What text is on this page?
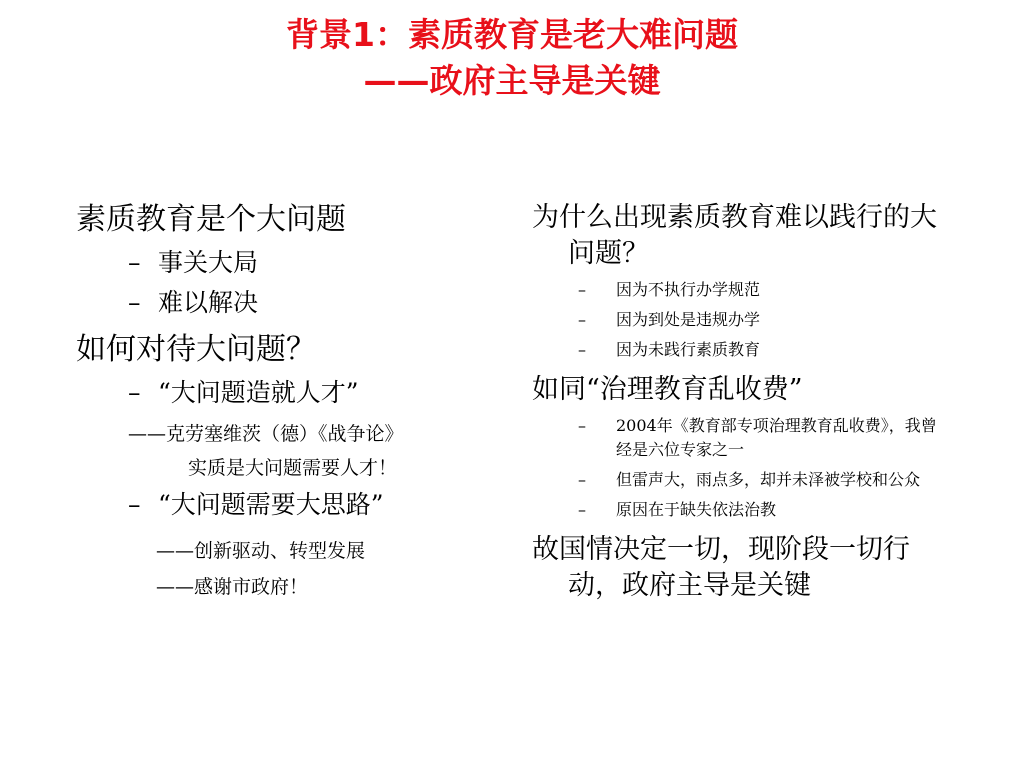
背景1：素质教育是老大难问题
——政府主导是关键
素质教育是个大问题
– 事关大局
– 难以解决
如何对待大问题？
– “大问题造就人才”
——克劳塞维茨（德）《战争论》
实质是大问题需要人才！
– “大问题需要大思路”
——创新驱动、转型发展
——感谢市政府！
为什么出现素质教育难以践行的大问题？
– 因为不执行办学规范
– 因为到处是违规办学
– 因为未践行素质教育
如同“治理教育乱收费”
– 2004年《教育部专项治理教育乱收费》，我曾经是六位专家之一
– 但雷声大，雨点多，却并未泽被学校和公众
– 原因在于缺失依法治教
故国情决定一切，现阶段一切行动，政府主导是关键
